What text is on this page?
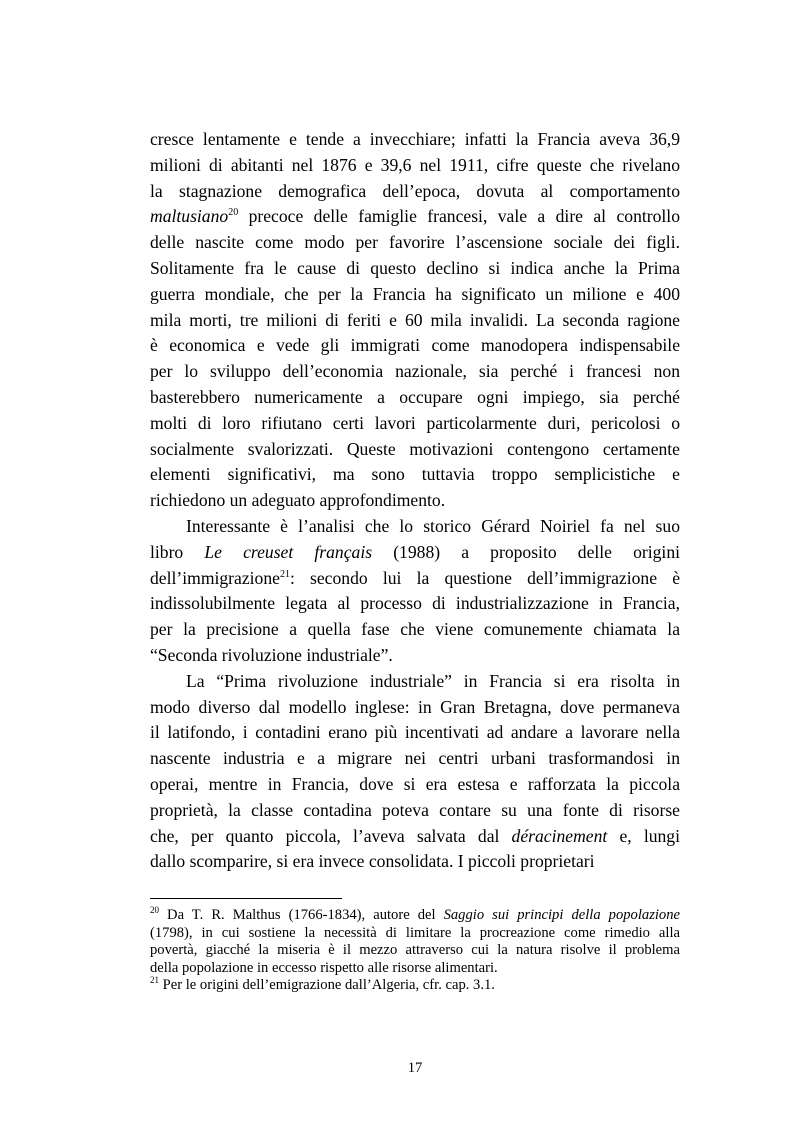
cresce lentamente e tende a invecchiare; infatti la Francia aveva 36,9
milioni di abitanti nel 1876 e 39,6 nel 1911, cifre queste che rivelano
la stagnazione demografica dell’epoca, dovuta al comportamento
maltusiano$^{20}$ precoce delle famiglie francesi, vale a dire al controllo
delle nascite come modo per favorire l’ascensione sociale dei figli.
Solitamente fra le cause di questo declino si indica anche la Prima
guerra mondiale, che per la Francia ha significato un milione e 400
mila morti, tre milioni di feriti e 60 mila invalidi. La seconda ragione
è economica e vede gli immigrati come manodopera indispensabile
per lo sviluppo dell’economia nazionale, sia perché i francesi non
basterebbero numericamente a occupare ogni impiego, sia perché
molti di loro rifiutano certi lavori particolarmente duri, pericolosi o
socialmente svalorizzati. Queste motivazioni contengono certamente
elementi significativi, ma sono tuttavia troppo semplicistiche e
richiedono un adeguato approfondimento.
Interessante è l’analisi che lo storico Gérard Noiriel fa nel suo
libro Le creuset français (1988) a proposito delle origini
dell’immigrazione$^{21}$: secondo lui la questione dell’immigrazione è
indissolubilmente legata al processo di industrializzazione in Francia,
per la precisione a quella fase che viene comunemente chiamata la
“Seconda rivoluzione industriale”.
La “Prima rivoluzione industriale” in Francia si era risolta in
modo diverso dal modello inglese: in Gran Bretagna, dove permaneva
il latifondo, i contadini erano più incentivati ad andare a lavorare nella
nascente industria e a migrare nei centri urbani trasformandosi in
operai, mentre in Francia, dove si era estesa e rafforzata la piccola
proprietà, la classe contadina poteva contare su una fonte di risorse
che, per quanto piccola, l’aveva salvata dal déracinement e, lungi
dallo scomparire, si era invece consolidata. I piccoli proprietari
$^{20}$ Da T. R. Malthus (1766-1834), autore del Saggio sui principi della popolazione
(1798), in cui sostiene la necessità di limitare la procreazione come rimedio alla
povertà, giacché la miseria è il mezzo attraverso cui la natura risolve il problema
della popolazione in eccesso rispetto alle risorse alimentari.
$^{21}$ Per le origini dell’emigrazione dall’Algeria, cfr. cap. 3.1.
17
